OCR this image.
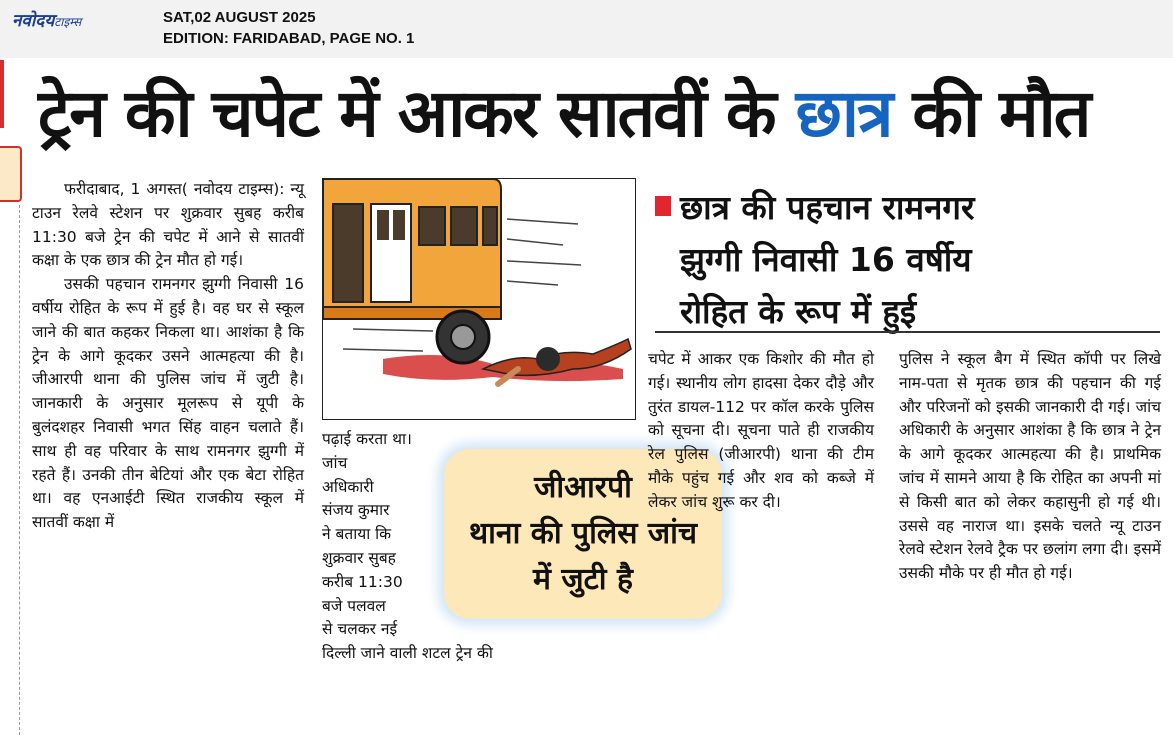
नवोदयटाइम्स	SAT,02 AUGUST 2025
EDITION: FARIDABAD, PAGE NO. 1
ट्रेन की चपेट में आकर सातवीं के छात्र की मौत

फरीदाबाद, 1 अगस्त( नवोदय टाइम्स): न्यू टाउन रेलवे स्टेशन पर शुक्रवार सुबह करीब 11:30 बजे ट्रेन की चपेट में आने से सातवीं कक्षा के एक छात्र की ट्रेन मौत हो गई।

उसकी पहचान रामनगर झुग्गी निवासी 16 वर्षीय रोहित के रूप में हुई है। वह घर से स्कूल जाने की बात कहकर निकला था। आशंका है कि ट्रेन के आगे कूदकर उसने आत्महत्या की है। जीआरपी थाना की पुलिस जांच में जुटी है। जानकारी के अनुसार मूलरूप से यूपी के बुलंदशहर निवासी भगत सिंह वाहन चलाते हैं। साथ ही वह परिवार के साथ रामनगर झुग्गी में रहते हैं। उनकी तीन बेटियां और एक बेटा रोहित था। वह एनआईटी स्थित राजकीय स्कूल में सातवीं कक्षा में

पढ़ाई करता था।
जांच
अधिकारी
संजय कुमार
ने बताया कि
शुक्रवार सुबह
करीब 11:30
बजे पलवल
से चलकर नई
दिल्ली जाने वाली शटल ट्रेन की
जीआरपी
थाना की पुलिस जांच
में जुटी है
छात्र की पहचान रामनगर
झुग्गी निवासी 16 वर्षीय
रोहित के रूप में हुई

चपेट में आकर एक किशोर की मौत हो गई। स्थानीय लोग हादसा देकर दौड़े और तुरंत डायल-112 पर कॉल करके पुलिस को सूचना दी। सूचना पाते ही राजकीय रेल पुलिस (जीआरपी) थाना की टीम मौके पहुंच गई और शव को कब्जे में लेकर जांच शुरू कर दी।

पुलिस ने स्कूल बैग में स्थित कॉपी पर लिखे नाम-पता से मृतक छात्र की पहचान की गई और परिजनों को इसकी जानकारी दी गई। जांच अधिकारी के अनुसार आशंका है कि छात्र ने ट्रेन के आगे कूदकर आत्महत्या की है। प्राथमिक जांच में सामने आया है कि रोहित का अपनी मां से किसी बात को लेकर कहासुनी हो गई थी। उससे वह नाराज था। इसके चलते न्यू टाउन रेलवे स्टेशन रेलवे ट्रैक पर छलांग लगा दी। इसमें उसकी मौके पर ही मौत हो गई।
